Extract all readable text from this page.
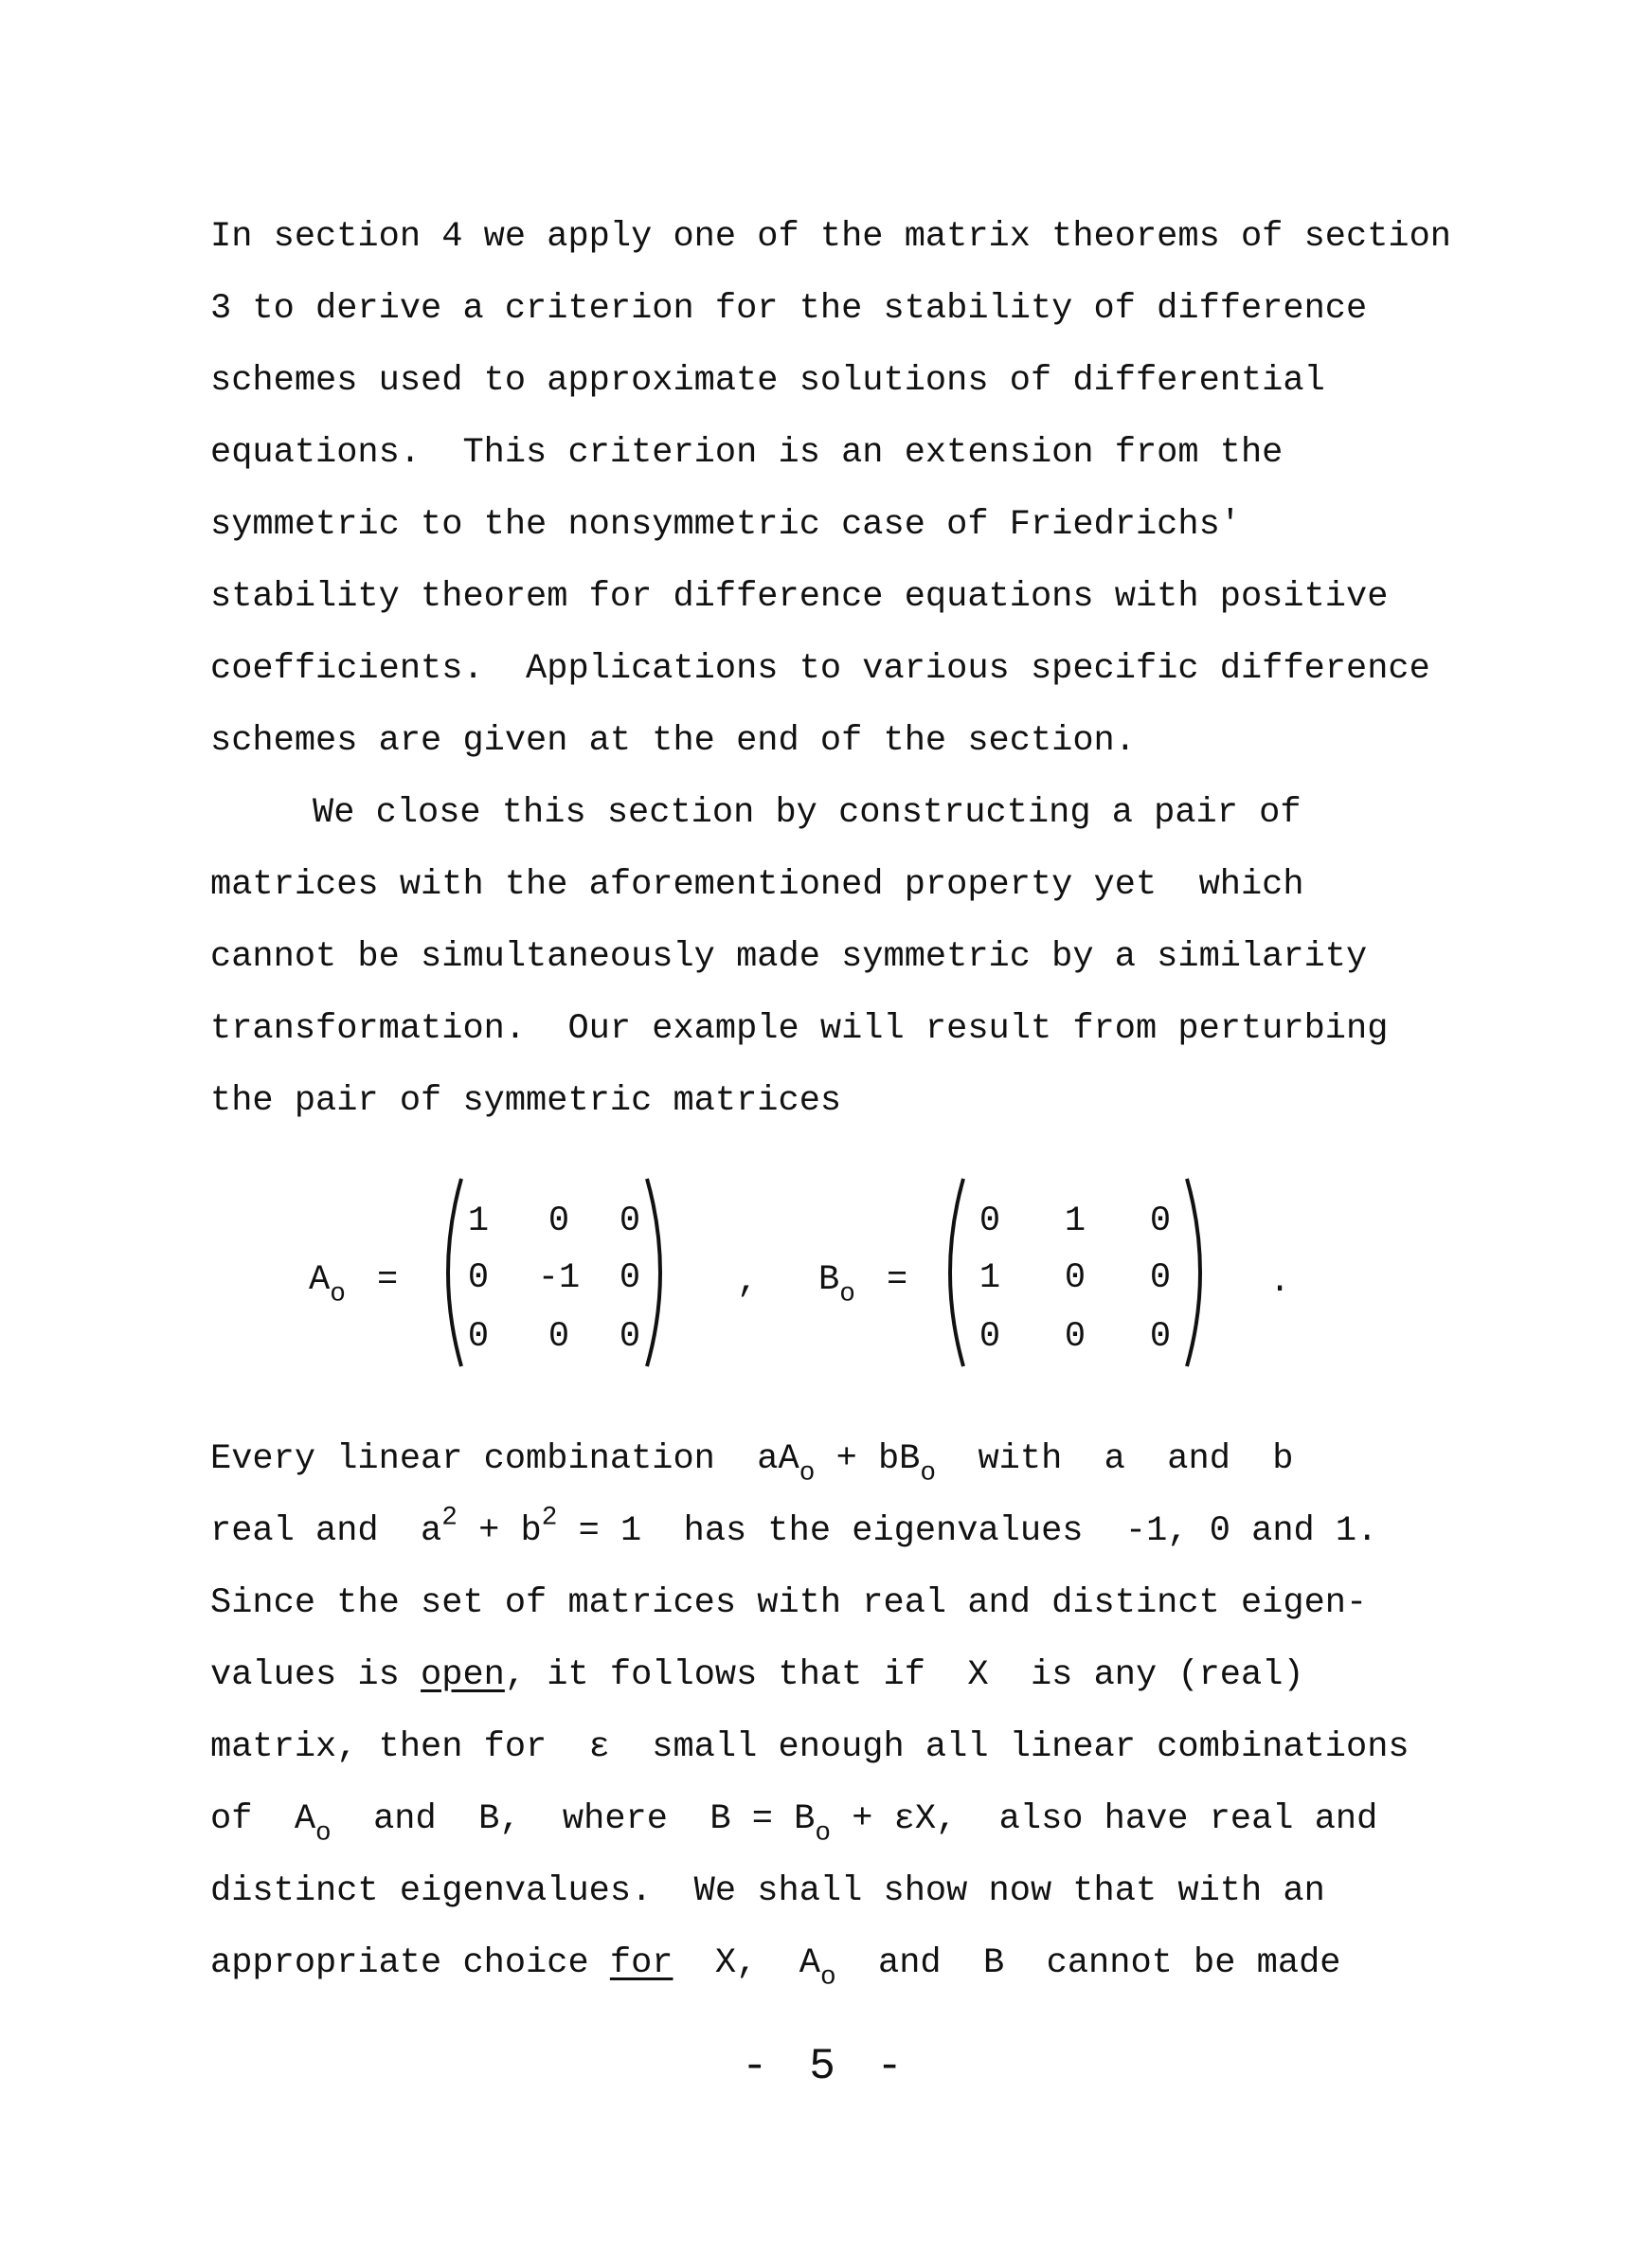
In section 4 we apply one of the matrix theorems of section
3 to derive a criterion for the stability of difference
schemes used to approximate solutions of differential
equations.  This criterion is an extension from the
symmetric to the nonsymmetric case of Friedrichs'
stability theorem for difference equations with positive
coefficients.  Applications to various specific difference
schemes are given at the end of the section.
We close this section by constructing a pair of
matrices with the aforementioned property yet  which
cannot be simultaneously made symmetric by a similarity
transformation.  Our example will result from perturbing
the pair of symmetric matrices
$A_o$ =
1	0	0
0	-1	0
0	0	0
, $B_o$ =
0	1	0
1	0	0
0	0	0
.
Every linear combination  $aA_o + bB_o$  with  a  and  b
real and  $a^2 + b^2 = 1$  has the eigenvalues  -1, 0 and 1.
Since the set of matrices with real and distinct eigen-
values is open, it follows that if  X  is any (real)
matrix, then for  ε  small enough all linear combinations
of  $A_o$  and  B,  where  $B = B_o + \varepsilon X$,  also have real and
distinct eigenvalues.  We shall show now that with an
appropriate choice for  X,  $A_o$  and  B  cannot be made
- 5 -
